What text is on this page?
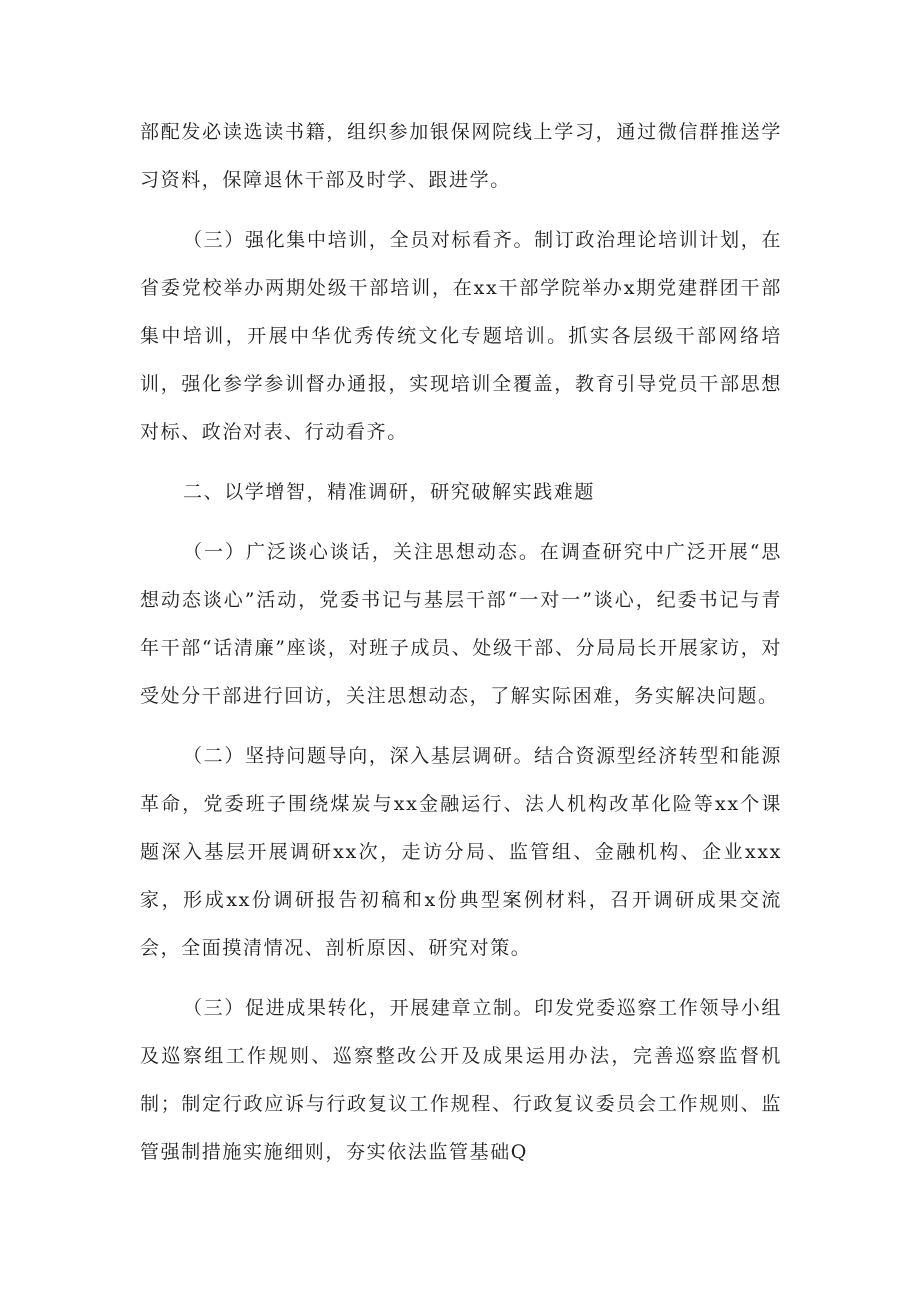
部配发必读选读书籍，组织参加银保网院线上学习，通过微信群推送学习资料，保障退休干部及时学、跟进学。

（三）强化集中培训，全员对标看齐。制订政治理论培训计划，在省委党校举办两期处级干部培训，在xx干部学院举办x期党建群团干部集中培训，开展中华优秀传统文化专题培训。抓实各层级干部网络培训，强化参学参训督办通报，实现培训全覆盖，教育引导党员干部思想对标、政治对表、行动看齐。

二、以学增智，精准调研，研究破解实践难题

（一）广泛谈心谈话，关注思想动态。在调查研究中广泛开展“思想动态谈心”活动，党委书记与基层干部“一对一”谈心，纪委书记与青年干部“话清廉”座谈，对班子成员、处级干部、分局局长开展家访，对受处分干部进行回访，关注思想动态，了解实际困难，务实解决问题。

（二）坚持问题导向，深入基层调研。结合资源型经济转型和能源革命，党委班子围绕煤炭与xx金融运行、法人机构改革化险等xx个课题深入基层开展调研xx次，走访分局、监管组、金融机构、企业xxx家，形成xx份调研报告初稿和x份典型案例材料，召开调研成果交流会，全面摸清情况、剖析原因、研究对策。

（三）促进成果转化，开展建章立制。印发党委巡察工作领导小组及巡察组工作规则、巡察整改公开及成果运用办法，完善巡察监督机制；制定行政应诉与行政复议工作规程、行政复议委员会工作规则、监管强制措施实施细则，夯实依法监管基础Q
